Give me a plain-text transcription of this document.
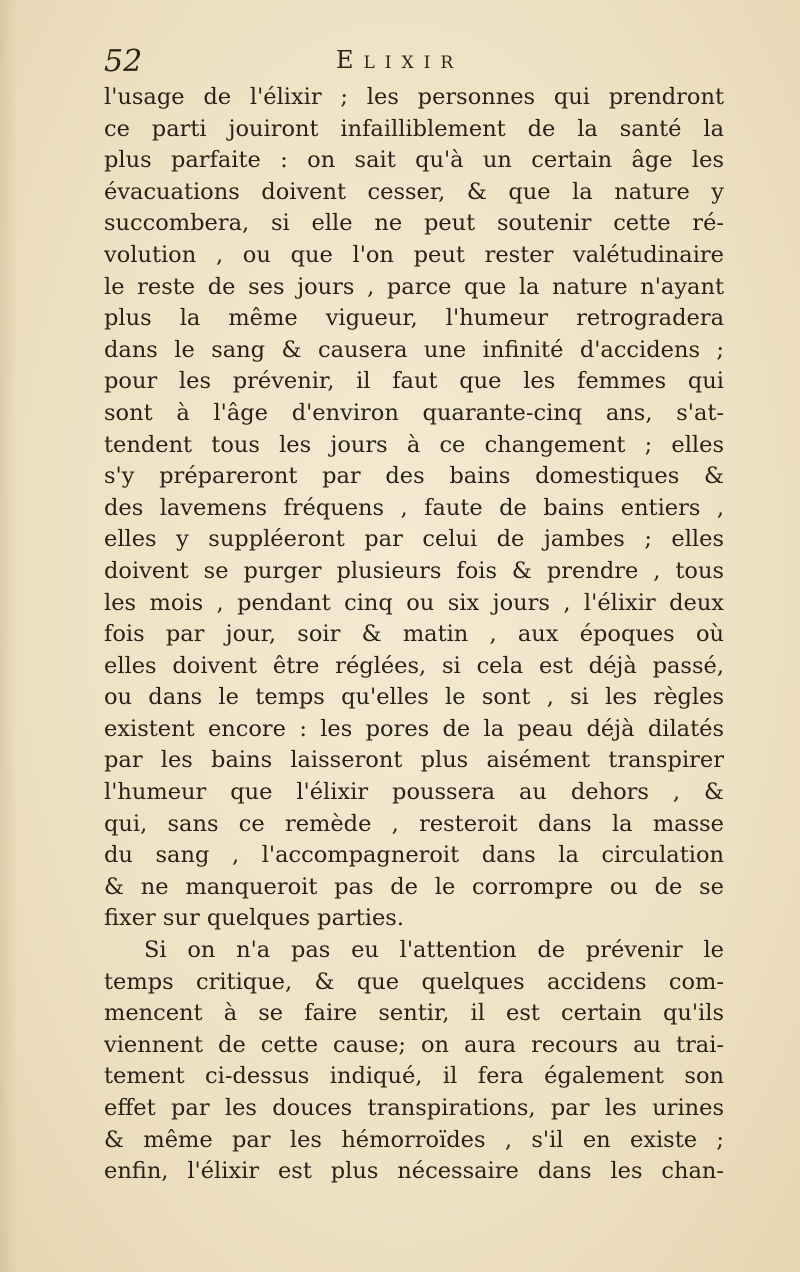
52	Elixir
l'usage de l'élixir ; les personnes qui prendront
ce parti jouiront infailliblement de la santé la
plus parfaite : on sait qu'à un certain âge les
évacuations doivent cesser, & que la nature y
succombera, si elle ne peut soutenir cette ré-
volution , ou que l'on peut rester valétudinaire
le reste de ses jours , parce que la nature n'ayant
plus la même vigueur, l'humeur retrogradera
dans le sang & causera une infinité d'accidens ;
pour les prévenir, il faut que les femmes qui
sont à l'âge d'environ quarante-cinq ans, s'at-
tendent tous les jours à ce changement ; elles
s'y prépareront par des bains domestiques &
des lavemens fréquens , faute de bains entiers ,
elles y suppléeront par celui de jambes ; elles
doivent se purger plusieurs fois & prendre , tous
les mois , pendant cinq ou six jours , l'élixir deux
fois par jour, soir & matin , aux époques où
elles doivent être réglées, si cela est déjà passé,
ou dans le temps qu'elles le sont , si les règles
existent encore : les pores de la peau déjà dilatés
par les bains laisseront plus aisément transpirer
l'humeur que l'élixir poussera au dehors , &
qui, sans ce remède , resteroit dans la masse
du sang , l'accompagneroit dans la circulation
& ne manqueroit pas de le corrompre ou de se
fixer sur quelques parties.
Si on n'a pas eu l'attention de prévenir le
temps critique, & que quelques accidens com-
mencent à se faire sentir, il est certain qu'ils
viennent de cette cause; on aura recours au trai-
tement ci-dessus indiqué, il fera également son
effet par les douces transpirations, par les urines
& même par les hémorroïdes , s'il en existe ;
enfin, l'élixir est plus nécessaire dans les chan-
